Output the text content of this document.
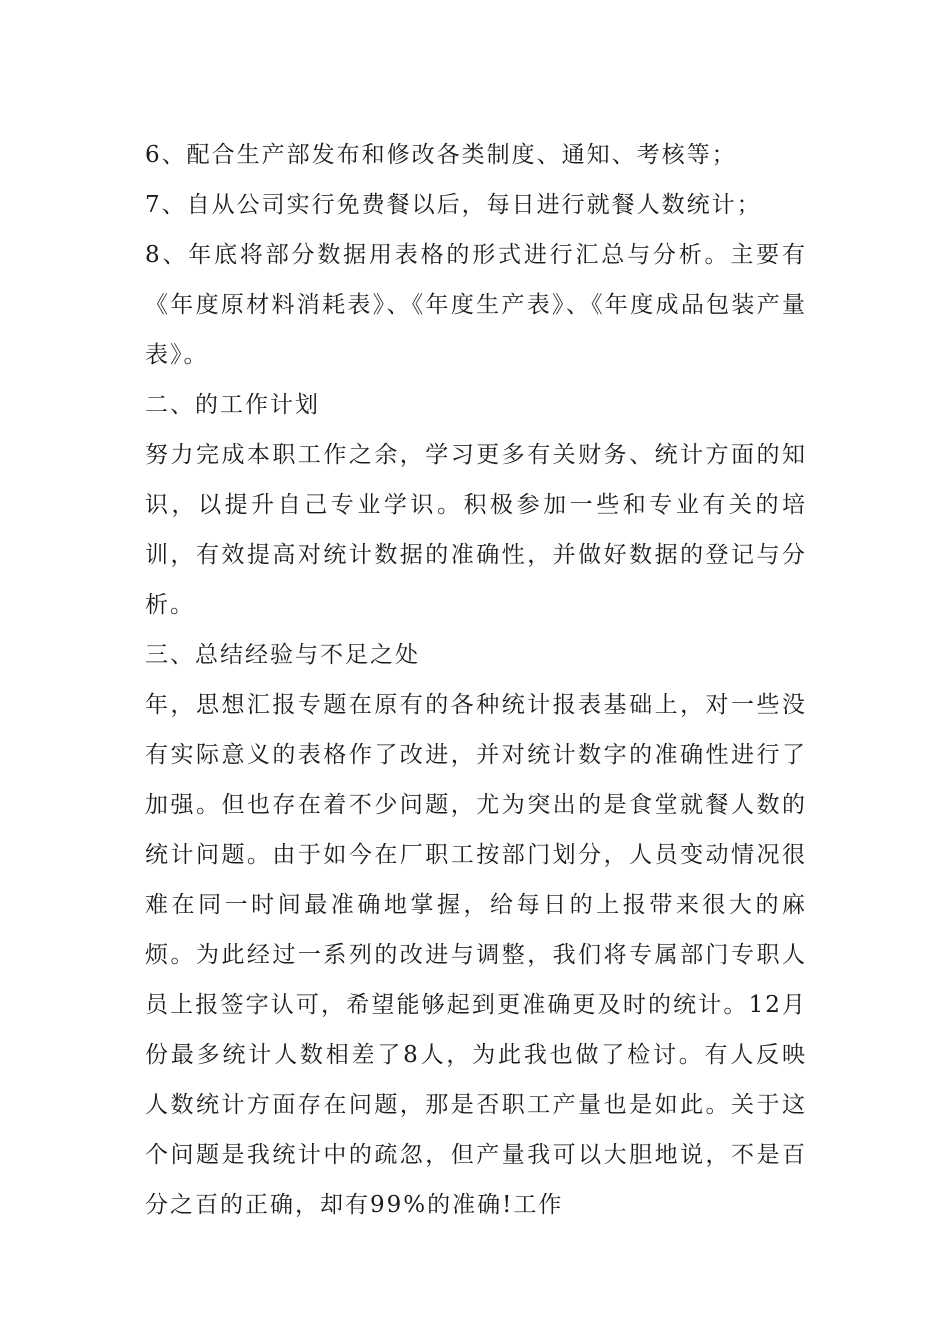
6、配合生产部发布和修改各类制度、通知、考核等；

7、自从公司实行免费餐以后，每日进行就餐人数统计；

8、年底将部分数据用表格的形式进行汇总与分析。主要有《年度原材料消耗表》、《年度生产表》、《年度成品包装产量表》。

二、的工作计划

努力完成本职工作之余，学习更多有关财务、统计方面的知识，以提升自己专业学识。积极参加一些和专业有关的培训，有效提高对统计数据的准确性，并做好数据的登记与分析。

三、总结经验与不足之处

年，思想汇报专题在原有的各种统计报表基础上，对一些没有实际意义的表格作了改进，并对统计数字的准确性进行了加强。但也存在着不少问题，尤为突出的是食堂就餐人数的统计问题。由于如今在厂职工按部门划分，人员变动情况很难在同一时间最准确地掌握，给每日的上报带来很大的麻烦。为此经过一系列的改进与调整，我们将专属部门专职人员上报签字认可，希望能够起到更准确更及时的统计。12月份最多统计人数相差了8人，为此我也做了检讨。有人反映人数统计方面存在问题，那是否职工产量也是如此。关于这个问题是我统计中的疏忽，但产量我可以大胆地说，不是百分之百的正确，却有99%的准确!工作
